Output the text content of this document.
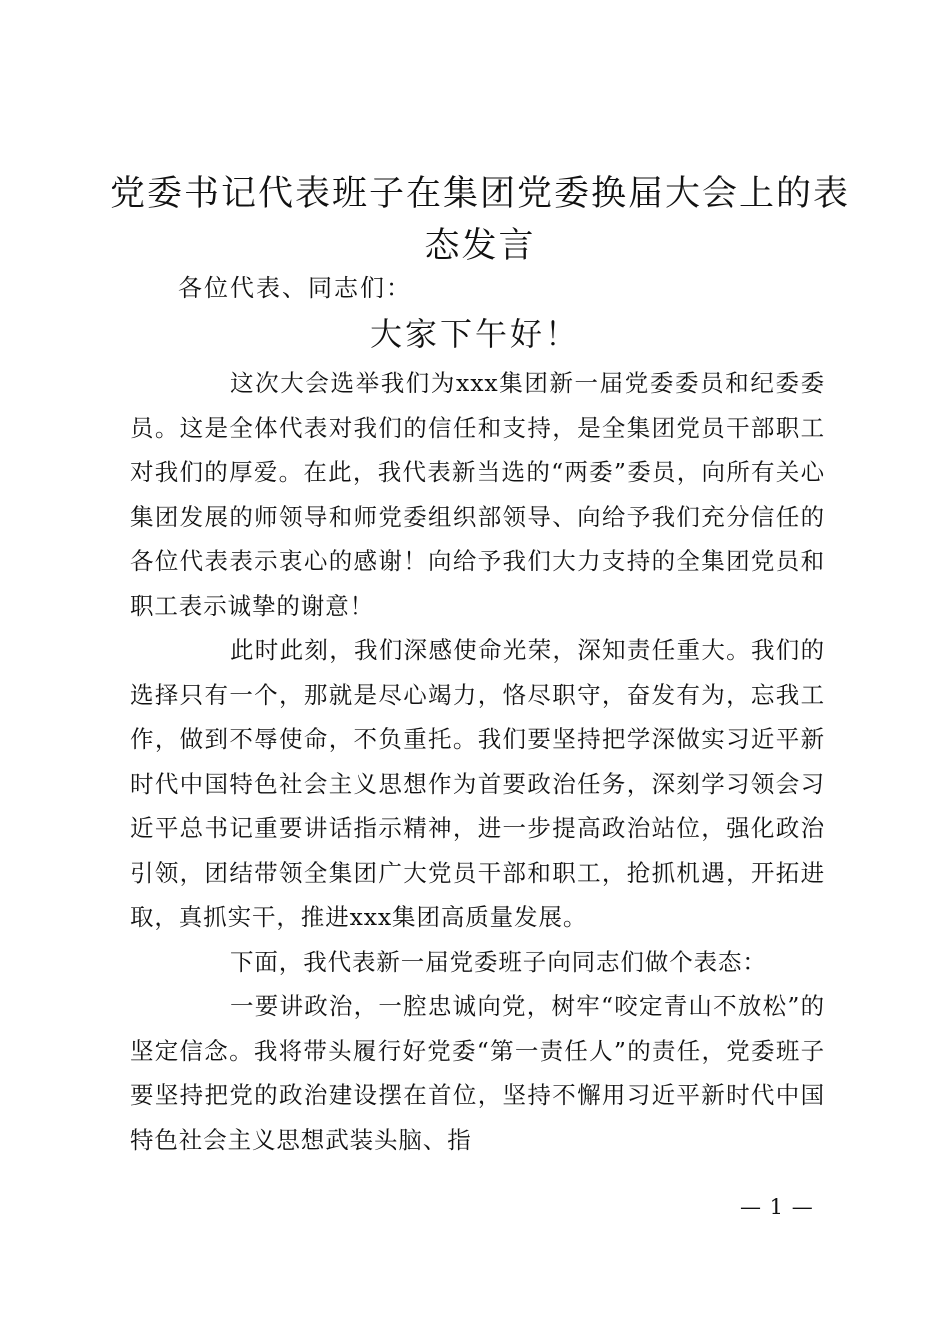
党委书记代表班子在集团党委换届大会上的表态发言
各位代表、同志们：
大家下午好！

这次大会选举我们为xxx集团新一届党委委员和纪委委员。这是全体代表对我们的信任和支持，是全集团党员干部职工对我们的厚爱。在此，我代表新当选的“两委”委员，向所有关心集团发展的师领导和师党委组织部领导、向给予我们充分信任的各位代表表示衷心的感谢！向给予我们大力支持的全集团党员和职工表示诚挚的谢意！

此时此刻，我们深感使命光荣，深知责任重大。我们的选择只有一个，那就是尽心竭力，恪尽职守，奋发有为，忘我工作，做到不辱使命，不负重托。我们要坚持把学深做实习近平新时代中国特色社会主义思想作为首要政治任务，深刻学习领会习近平总书记重要讲话指示精神，进一步提高政治站位，强化政治引领，团结带领全集团广大党员干部和职工，抢抓机遇，开拓进取，真抓实干，推进xxx集团高质量发展。

下面，我代表新一届党委班子向同志们做个表态：

一要讲政治，一腔忠诚向党，树牢“咬定青山不放松”的坚定信念。我将带头履行好党委“第一责任人”的责任，党委班子要坚持把党的政治建设摆在首位，坚持不懈用习近平新时代中国特色社会主义思想武装头脑、指

— 1 —
